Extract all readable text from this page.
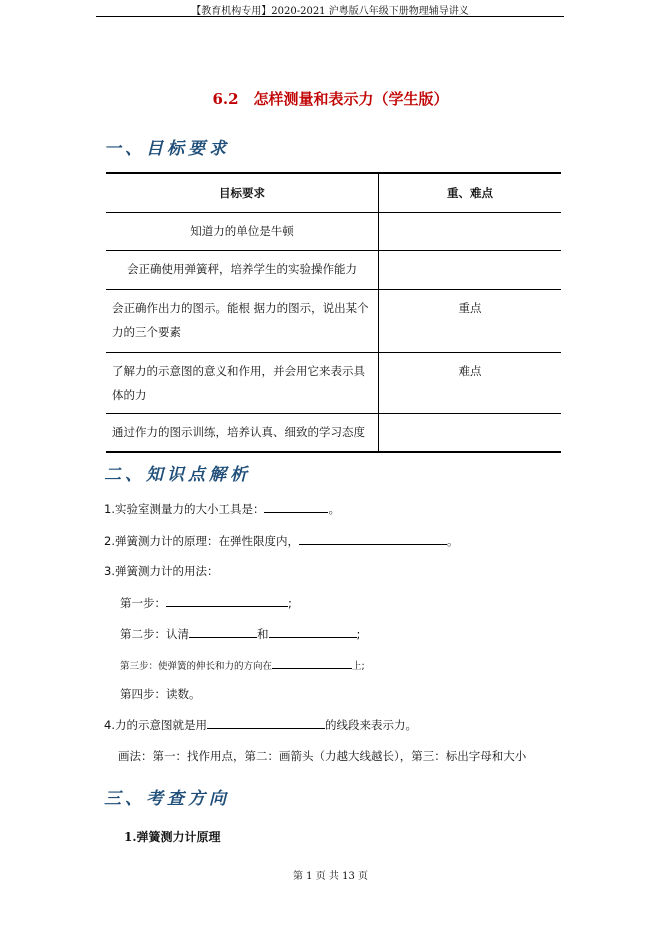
【教育机构专用】2020-2021 沪粤版八年级下册物理辅导讲义
6.2　怎样测量和表示力（学生版）
一、目标要求
目标要求	重、难点
知道力的单位是牛顿	
会正确使用弹簧秤，培养学生的实验操作能力	
会正确作出力的图示。能根 据力的图示，说出某个力的三个要素	重点
了解力的示意图的意义和作用，并会用它来表示具体的力	难点
通过作力的图示训练，培养认真、细致的学习态度	
二、知识点解析
1.实验室测量力的大小工具是：	。
2.弹簧测力计的原理：在弹性限度内，	。
3.弹簧测力计的用法：
第一步：	;
第二步：认清	和	;
第三步：使弹簧的伸长和力的方向在	上;
第四步：读数。
4.力的示意图就是用	的线段来表示力。
画法：第一：找作用点，第二：画箭头（力越大线越长），第三：标出字母和大小
三、考查方向
1.弹簧测力计原理
第 1 页 共 13 页
